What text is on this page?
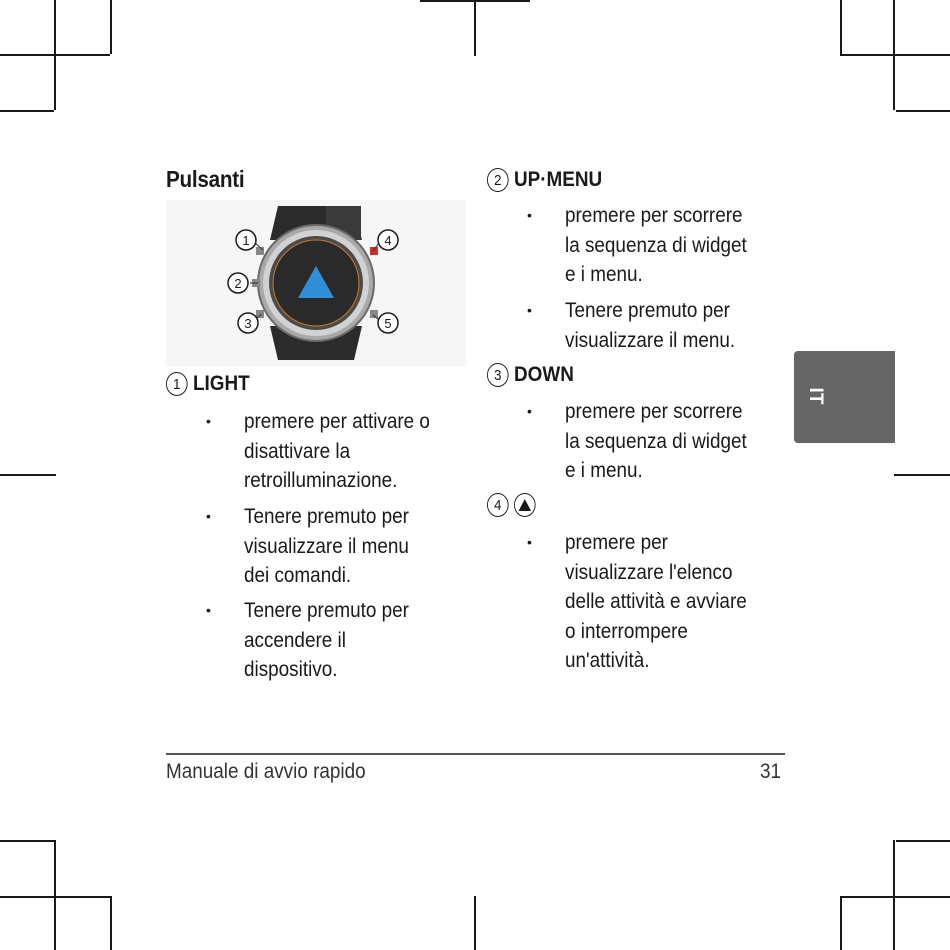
Pulsanti
1
2
3
4
5
1 LIGHT
• premere per attivare o
disattivare la
retroilluminazione.
• Tenere premuto per
visualizzare il menu
dei comandi.
• Tenere premuto per
accendere il
dispositivo.
2 UP·MENU
• premere per scorrere
la sequenza di widget
e i menu.
• Tenere premuto per
visualizzare il menu.
3 DOWN
• premere per scorrere
la sequenza di widget
e i menu.
4
• premere per
visualizzare l'elenco
delle attività e avviare
o interrompere
un'attività.
IT
Manuale di avvio rapido	31
